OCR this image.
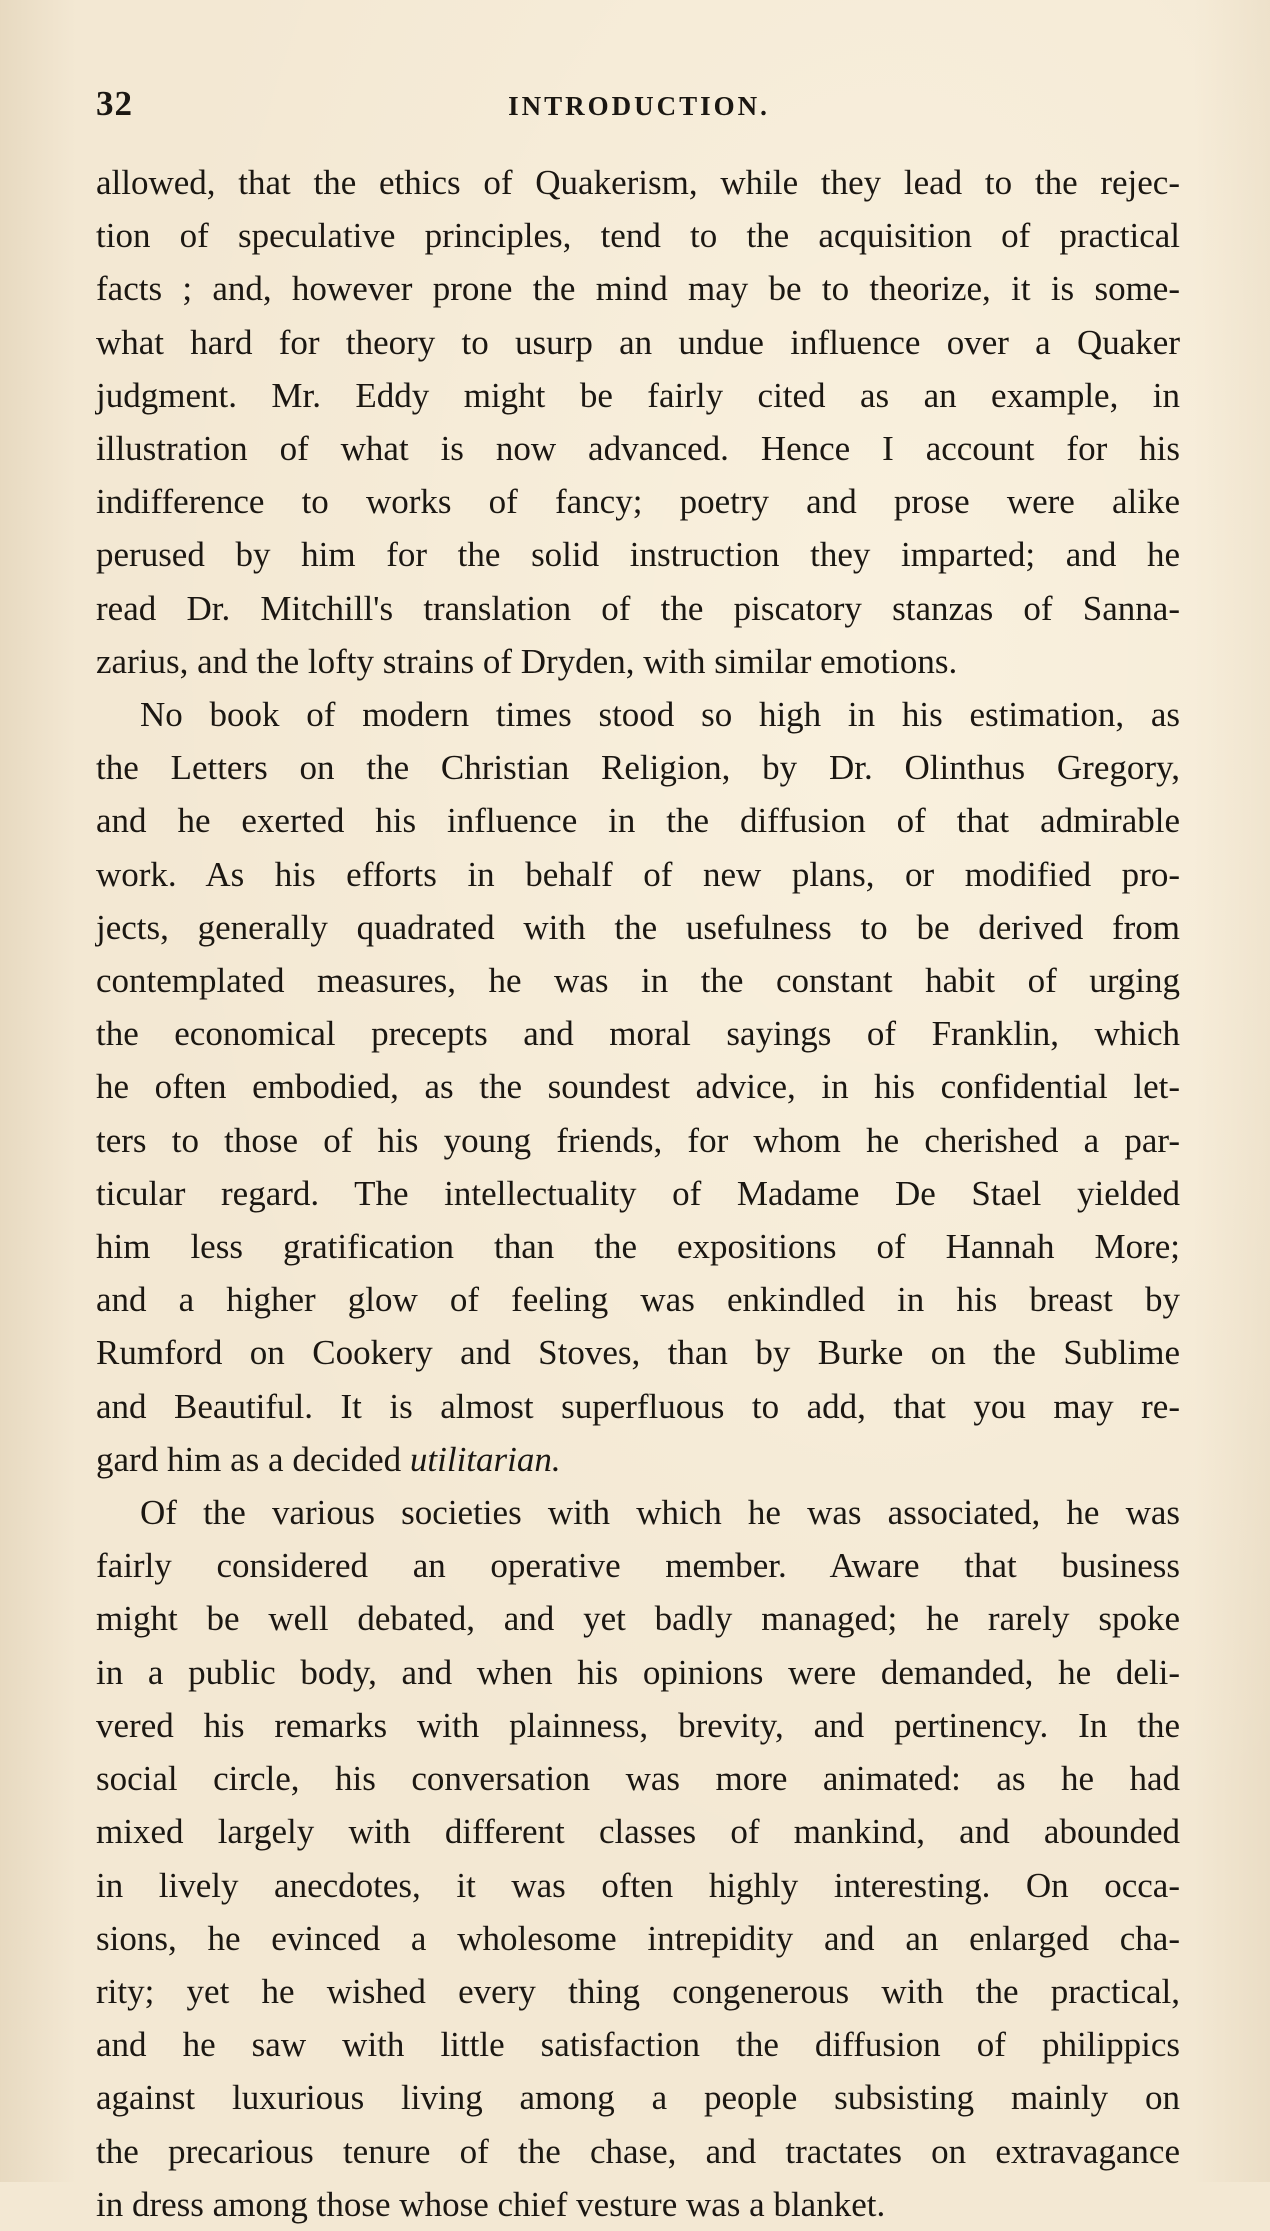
32	INTRODUCTION.

allowed, that the ethics of Quakerism, while they lead to the rejec-
tion of speculative principles, tend to the acquisition of practical
facts ; and, however prone the mind may be to theorize, it is some-
what hard for theory to usurp an undue influence over a Quaker
judgment. Mr. Eddy might be fairly cited as an example, in
illustration of what is now advanced. Hence I account for his
indifference to works of fancy; poetry and prose were alike
perused by him for the solid instruction they imparted; and he
read Dr. Mitchill's translation of the piscatory stanzas of Sanna-
zarius, and the lofty strains of Dryden, with similar emotions.

No book of modern times stood so high in his estimation, as
the Letters on the Christian Religion, by Dr. Olinthus Gregory,
and he exerted his influence in the diffusion of that admirable
work. As his efforts in behalf of new plans, or modified pro-
jects, generally quadrated with the usefulness to be derived from
contemplated measures, he was in the constant habit of urging
the economical precepts and moral sayings of Franklin, which
he often embodied, as the soundest advice, in his confidential let-
ters to those of his young friends, for whom he cherished a par-
ticular regard. The intellectuality of Madame De Stael yielded
him less gratification than the expositions of Hannah More;
and a higher glow of feeling was enkindled in his breast by
Rumford on Cookery and Stoves, than by Burke on the Sublime
and Beautiful. It is almost superfluous to add, that you may re-
gard him as a decided utilitarian.

Of the various societies with which he was associated, he was
fairly considered an operative member. Aware that business
might be well debated, and yet badly managed; he rarely spoke
in a public body, and when his opinions were demanded, he deli-
vered his remarks with plainness, brevity, and pertinency. In the
social circle, his conversation was more animated: as he had
mixed largely with different classes of mankind, and abounded
in lively anecdotes, it was often highly interesting. On occa-
sions, he evinced a wholesome intrepidity and an enlarged cha-
rity; yet he wished every thing congenerous with the practical,
and he saw with little satisfaction the diffusion of philippics
against luxurious living among a people subsisting mainly on
the precarious tenure of the chase, and tractates on extravagance
in dress among those whose chief vesture was a blanket.
